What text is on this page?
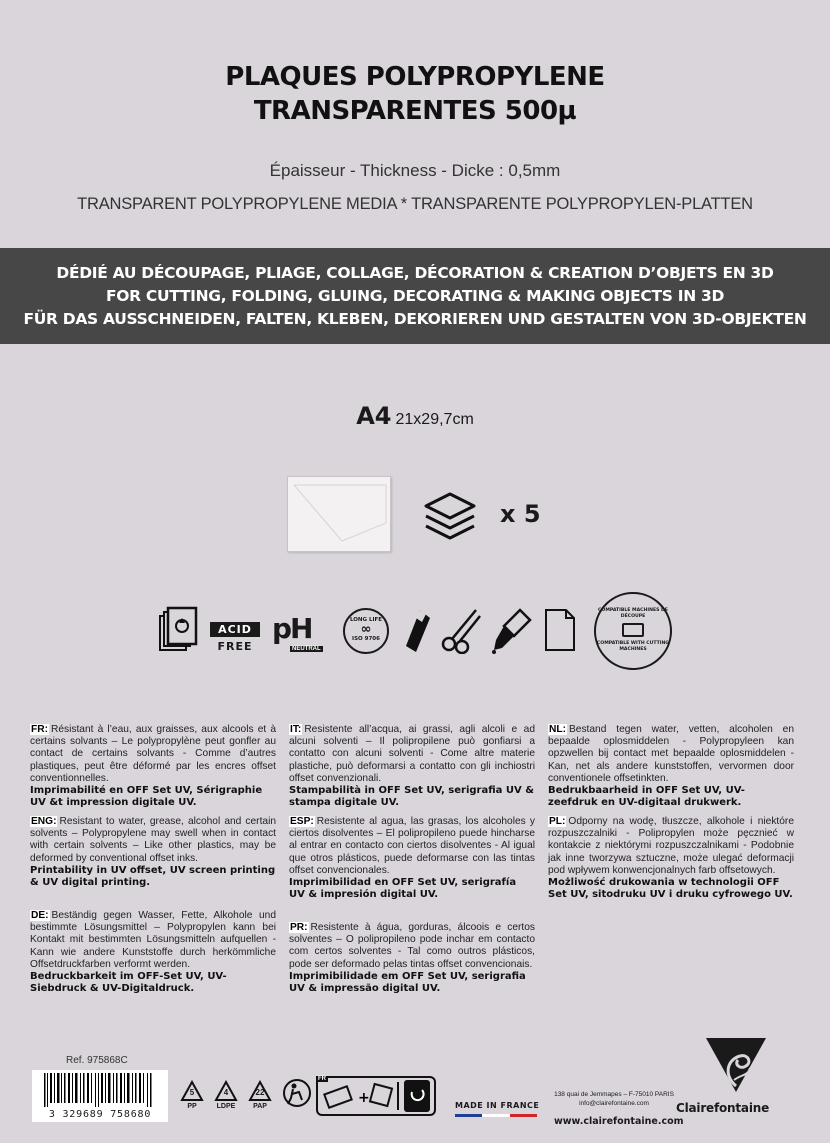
PLAQUES POLYPROPYLENE
TRANSPARENTES 500µ
Épaisseur - Thickness - Dicke : 0,5mm
TRANSPARENT POLYPROPYLENE MEDIA * TRANSPARENTE POLYPROPYLEN-PLATTEN
DÉDIÉ AU DÉCOUPAGE, PLIAGE, COLLAGE, DÉCORATION & CREATION D’OBJETS EN 3D
FOR CUTTING, FOLDING, GLUING, DECORATING & MAKING OBJECTS IN 3D
FÜR DAS AUSSCHNEIDEN, FALTEN, KLEBEN, DEKORIEREN UND GESTALTEN VON 3D-OBJEKTEN
A4 21x29,7cm
x 5
ACID
FREE
pH
NEUTRAL
LONG LIFE
∞
ISO 9706
COMPATIBLE MACHINES DE DÉCOUPE
COMPATIBLE WITH CUTTING MACHINES
FR: Résistant à l’eau, aux graisses, aux alcools et à certains solvants – Le polypropylène peut gonfler au contact de certains solvants - Comme d’autres plastiques, peut être déformé par les encres offset conventionnelles.
Imprimabilité en OFF Set UV, Sérigraphie UV &t impression digitale UV.
ENG: Resistant to water, grease, alcohol and certain solvents – Polypropylene may swell when in contact with certain solvents – Like other plastics, may be deformed by conventional offset inks.
Printability in UV offset, UV screen printing & UV digital printing.
DE: Beständig gegen Wasser, Fette, Alkohole und bestimmte Lösungsmittel – Polypropylen kann bei Kontakt mit bestimmten Lösungsmitteln aufquellen - Kann wie andere Kunststoffe durch herkömmliche Offsetdruckfarben verformt werden.
Bedruckbarkeit im OFF-Set UV, UV-Siebdruck & UV-Digitaldruck.
IT: Resistente all’acqua, ai grassi, agli alcoli e ad alcuni solventi – Il polipropilene può gonfiarsi a contatto con alcuni solventi - Come altre materie plastiche, può deformarsi a contatto con gli inchiostri offset convenzionali.
Stampabilità in OFF Set UV, serigrafia UV & stampa digitale UV.
ESP: Resistente al agua, las grasas, los alcoholes y ciertos disolventes – El polipropileno puede hincharse al entrar en contacto con ciertos disolventes - Al igual que otros plásticos, puede deformarse con las tintas offset convencionales.
Imprimibilidad en OFF Set UV, serigrafía UV & impresión digital UV.
PR: Resistente à água, gorduras, álcoois e certos solventes – O polipropileno pode inchar em contacto com certos solventes - Tal como outros plásticos, pode ser deformado pelas tintas offset convencionais.
Imprimibilidade em OFF Set UV, serigrafia UV & impressão digital UV.
NL: Bestand tegen water, vetten, alcoholen en bepaalde oplosmiddelen - Polypropyleen kan opzwellen bij contact met bepaalde oplosmiddelen - Kan, net als andere kunststoffen, vervormen door conventionele offsetinkten.
Bedrukbaarheid in OFF Set UV, UV-zeefdruk en UV-digitaal drukwerk.
PL: Odporny na wodę, tłuszcze, alkohole i niektóre rozpuszczalniki - Polipropylen może pęcznieć w kontakcie z niektórymi rozpuszczalnikami - Podobnie jak inne tworzywa sztuczne, może ulegać deformacji pod wpływem konwencjonalnych farb offsetowych.
Możliwość drukowania w technologii OFF Set UV, sitodruku UV i druku cyfrowego UV.
Ref. 975868C
3 329689 758680
5
PP
4
LDPE
22
PAP
FR
+	MADE IN FRANCE
138 quai de Jemmapes – F-75010 PARIS
info@clairefontaine.com
www.clairefontaine.com
Clairefontaine
